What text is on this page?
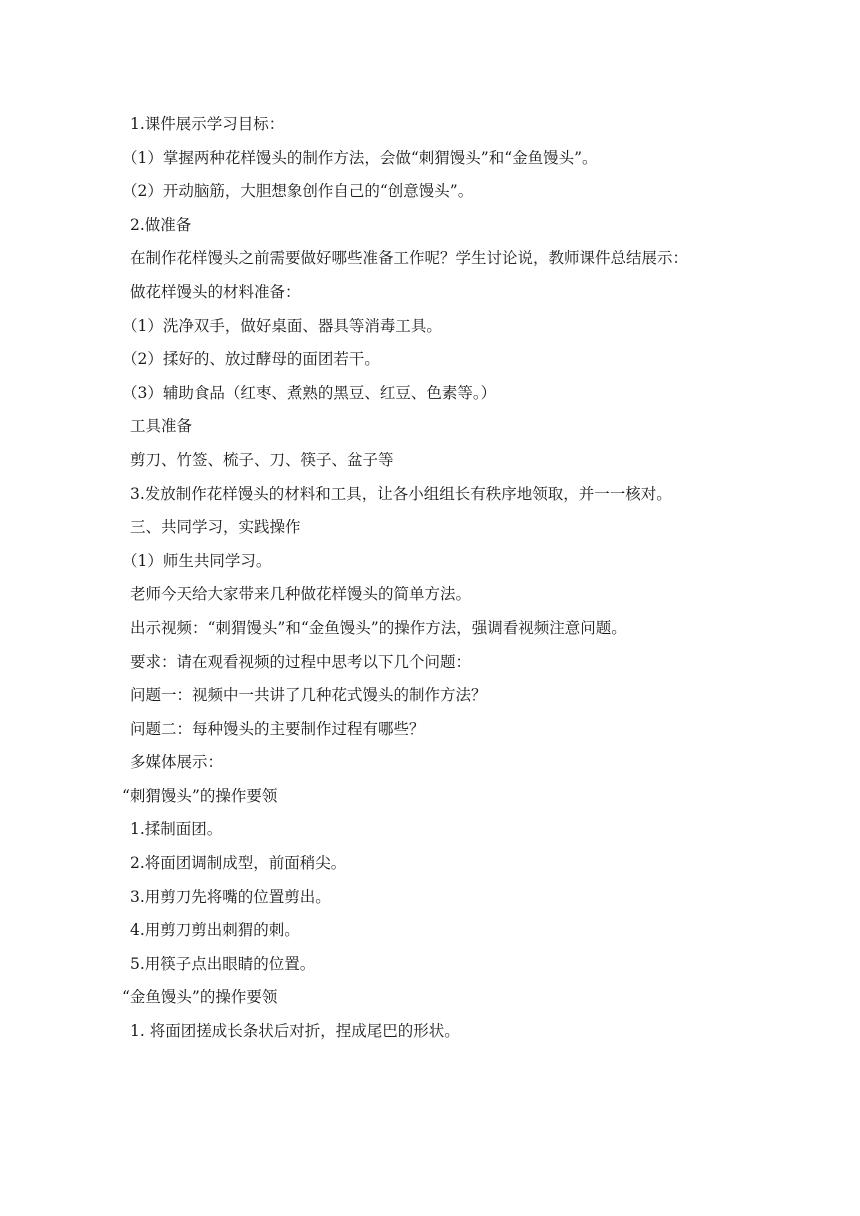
1.课件展示学习目标：
（1）掌握两种花样馒头的制作方法，会做“刺猬馒头”和“金鱼馒头”。
（2）开动脑筋，大胆想象创作自己的“创意馒头”。
2.做准备
在制作花样馒头之前需要做好哪些准备工作呢？学生讨论说，教师课件总结展示：
做花样馒头的材料准备：
（1）洗净双手，做好桌面、器具等消毒工具。
（2）揉好的、放过酵母的面团若干。
（3）辅助食品（红枣、煮熟的黑豆、红豆、色素等。）
工具准备
剪刀、竹签、梳子、刀、筷子、盆子等
3.发放制作花样馒头的材料和工具，让各小组组长有秩序地领取，并一一核对。
三、共同学习，实践操作
（1）师生共同学习。
老师今天给大家带来几种做花样馒头的简单方法。
出示视频：“刺猬馒头”和“金鱼馒头”的操作方法，强调看视频注意问题。
要求：请在观看视频的过程中思考以下几个问题：
问题一：视频中一共讲了几种花式馒头的制作方法？
问题二：每种馒头的主要制作过程有哪些？
多媒体展示：
“刺猬馒头”的操作要领
1.揉制面团。
2.将面团调制成型，前面稍尖。
3.用剪刀先将嘴的位置剪出。
4.用剪刀剪出刺猬的刺。
5.用筷子点出眼睛的位置。
“金鱼馒头”的操作要领
1. 将面团搓成长条状后对折，捏成尾巴的形状。
